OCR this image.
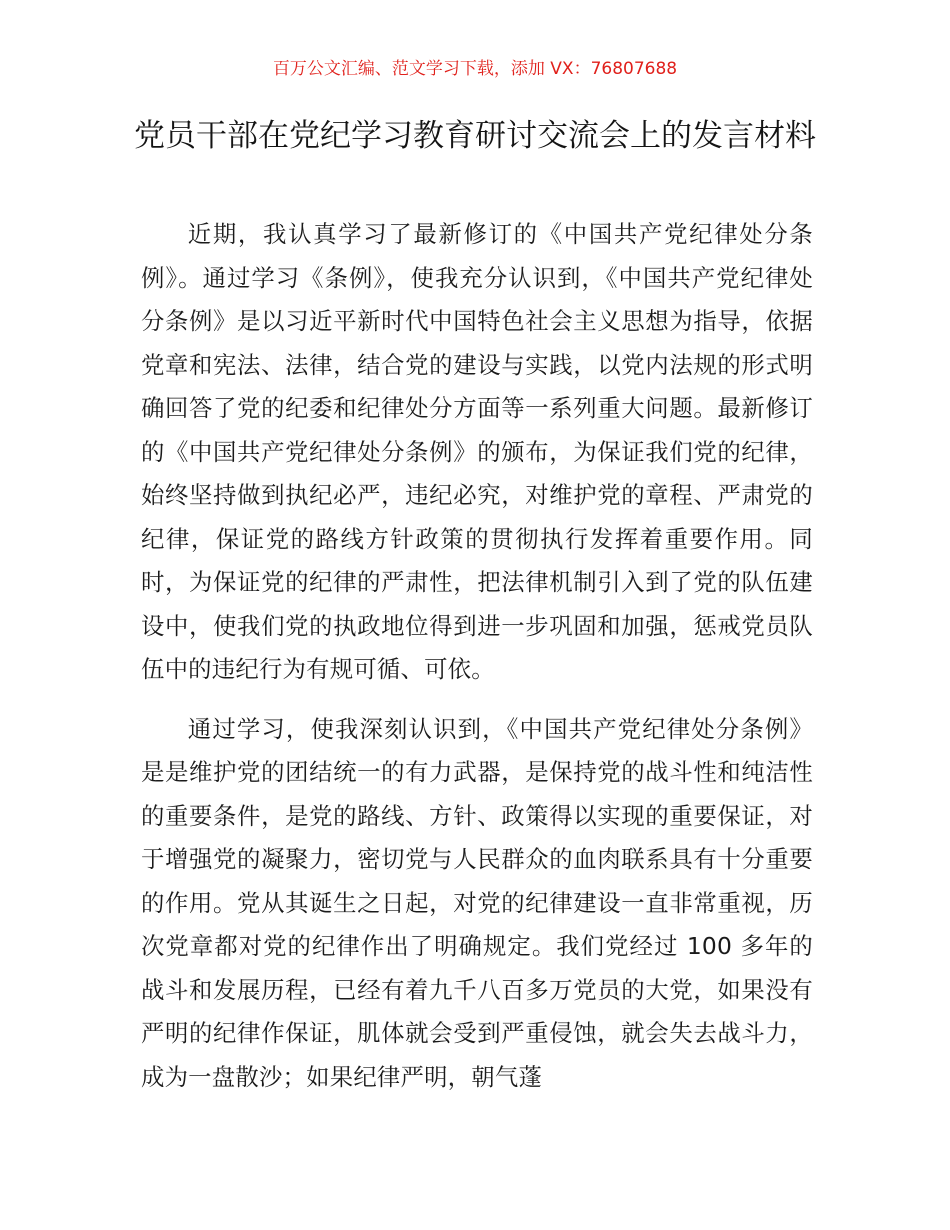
百万公文汇编、范文学习下载，添加 VX：76807688
党员干部在党纪学习教育研讨交流会上的发言材料

近期，我认真学习了最新修订的《中国共产党纪律处分条例》。通过学习《条例》，使我充分认识到，《中国共产党纪律处分条例》是以习近平新时代中国特色社会主义思想为指导，依据党章和宪法、法律，结合党的建设与实践，以党内法规的形式明确回答了党的纪委和纪律处分方面等一系列重大问题。最新修订的《中国共产党纪律处分条例》的颁布，为保证我们党的纪律，始终坚持做到执纪必严，违纪必究，对维护党的章程、严肃党的纪律，保证党的路线方针政策的贯彻执行发挥着重要作用。同时，为保证党的纪律的严肃性，把法律机制引入到了党的队伍建设中，使我们党的执政地位得到进一步巩固和加强，惩戒党员队伍中的违纪行为有规可循、可依。

通过学习，使我深刻认识到，《中国共产党纪律处分条例》是是维护党的团结统一的有力武器，是保持党的战斗性和纯洁性的重要条件，是党的路线、方针、政策得以实现的重要保证，对于增强党的凝聚力，密切党与人民群众的血肉联系具有十分重要的作用。党从其诞生之日起，对党的纪律建设一直非常重视，历次党章都对党的纪律作出了明确规定。我们党经过 100 多年的战斗和发展历程，已经有着九千八百多万党员的大党，如果没有严明的纪律作保证，肌体就会受到严重侵蚀，就会失去战斗力，成为一盘散沙；如果纪律严明，朝气蓬
